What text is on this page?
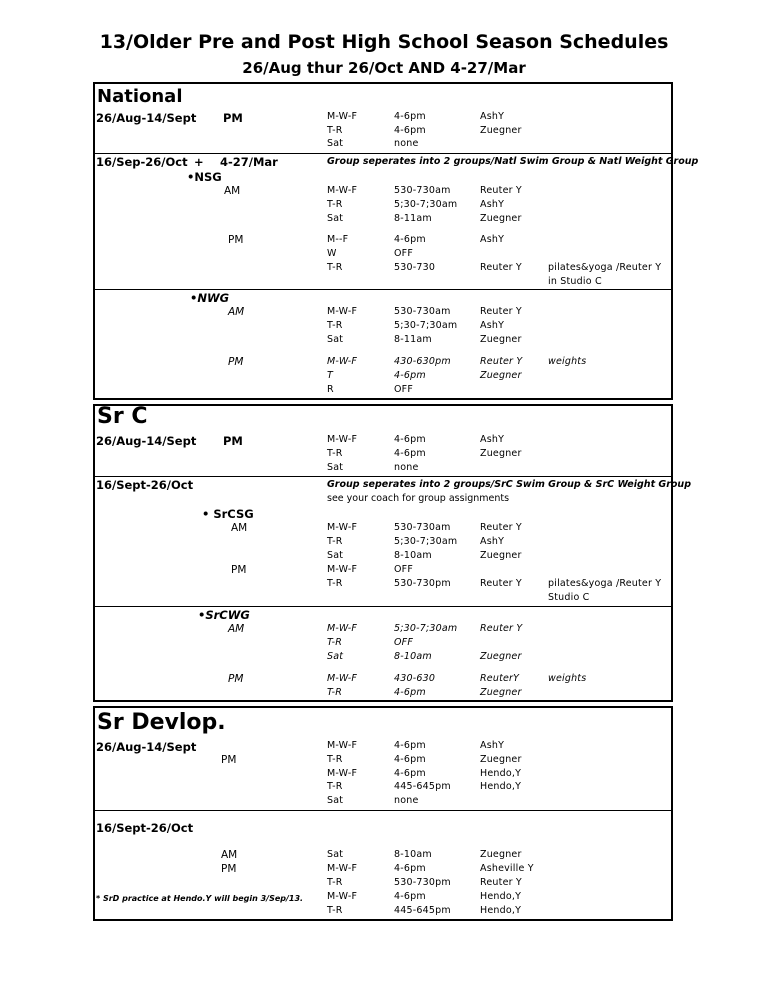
13/Older Pre and Post High School Season Schedules
26/Aug thur 26/Oct AND 4-27/Mar
National
26/Aug-14/Sept PM	M-W-F	4-6pm	AshY
T-R	4-6pm	Zuegner
Sat	none
16/Sep-26/Oct + 4-27/Mar	Group seperates into 2 groups/Natl Swim Group & Natl Weight Group
•NSG
AM	M-W-F	530-730am	Reuter Y
T-R	5;30-7;30am AshY
Sat	8-11am	Zuegner
PM	M--F	4-6pm	AshY
W	OFF
T-R	530-730	Reuter Y	pilates&yoga /Reuter Y
in Studio C
•NWG
AM	M-W-F	530-730am	Reuter Y
T-R	5;30-7;30am AshY
Sat	8-11am	Zuegner
PM	M-W-F	430-630pm	Reuter Y	weights
T	4-6pm	Zuegner
R	OFF
Sr C
26/Aug-14/Sept PM	M-W-F	4-6pm	AshY
T-R	4-6pm	Zuegner
Sat	none
16/Sept-26/Oct	Group seperates into 2 groups/SrC Swim Group & SrC Weight Group
see your coach for group assignments
• SrCSG
AM	M-W-F	530-730am	Reuter Y
T-R	5;30-7;30am AshY
Sat	8-10am	Zuegner
PM	M-W-F	OFF
T-R	530-730pm	Reuter Y	pilates&yoga /Reuter Y
Studio C
•SrCWG
AM	M-W-F	5;30-7;30am Reuter Y
T-R	OFF
Sat	8-10am	Zuegner
PM	M-W-F	430-630	ReuterY	weights
T-R	4-6pm	Zuegner
Sr Devlop.
26/Aug-14/Sept
PM
M-W-F	4-6pm	AshY
T-R	4-6pm	Zuegner
M-W-F	4-6pm	Hendo,Y
T-R	445-645pm	Hendo,Y
Sat	none
16/Sept-26/Oct
AM
PM
Sat	8-10am	Zuegner
M-W-F	4-6pm	Asheville Y
T-R	530-730pm	Reuter Y
M-W-F	4-6pm	Hendo,Y
T-R	445-645pm	Hendo,Y
* SrD practice at Hendo.Y will begin 3/Sep/13.
